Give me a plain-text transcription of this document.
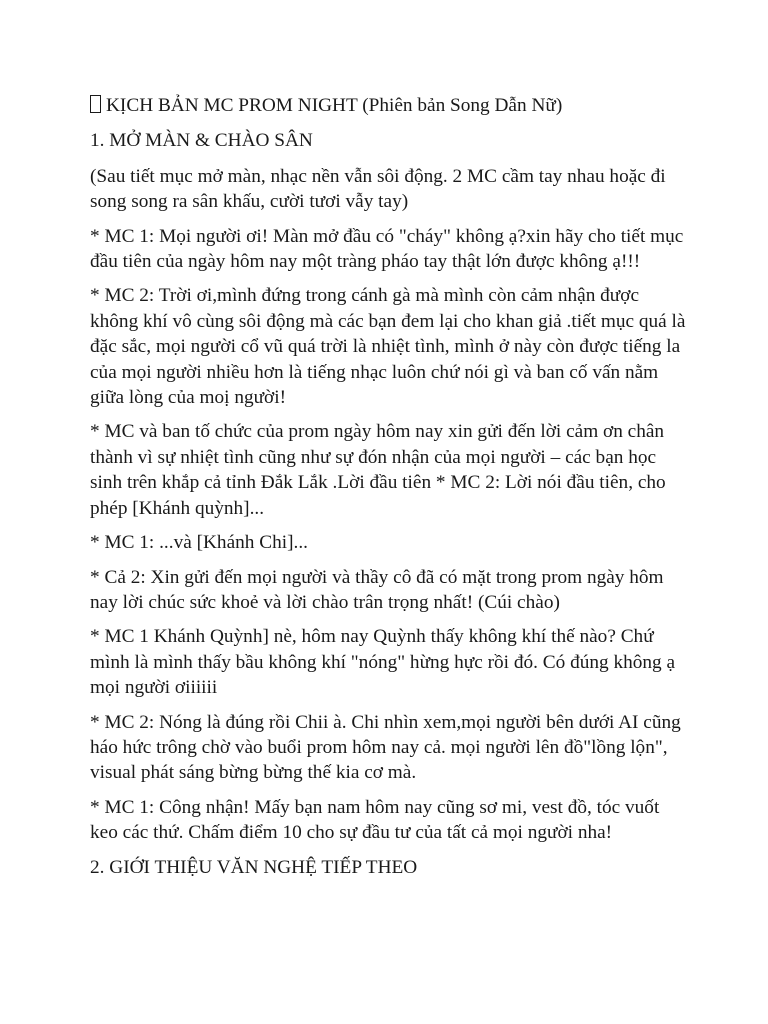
KỊCH BẢN MC PROM NIGHT (Phiên bản Song Dẫn Nữ)

1. MỞ MÀN & CHÀO SÂN

(Sau tiết mục mở màn, nhạc nền vẫn sôi động. 2 MC cầm tay nhau hoặc đi song song ra sân khấu, cười tươi vẫy tay)

* MC 1: Mọi người ơi! Màn mở đầu có "cháy" không ạ?xin hãy cho tiết mục đầu tiên của ngày hôm nay một tràng pháo tay thật lớn được không ạ!!!

* MC 2: Trời ơi,mình đứng trong cánh gà mà mình còn cảm nhận được không khí vô cùng sôi động mà các bạn đem lại cho khan giả .tiết mục quá là đặc sắc, mọi người cổ vũ quá trời là nhiệt tình, mình ở này còn được tiếng la của mọi người nhiều hơn là tiếng nhạc luôn chứ nói gì và ban cố vấn nằm giữa lòng của moị người!

* MC và ban tố chức của prom ngày hôm nay xin gửi đến lời cảm ơn chân thành vì sự nhiệt tình cũng như sự đón nhận của mọi người – các bạn học sinh trên khắp cả tỉnh Đắk Lắk .Lời đầu tiên * MC 2: Lời nói đầu tiên, cho phép [Khánh quỳnh]...

* MC 1: ...và [Khánh Chi]...

* Cả 2: Xin gửi đến mọi người và thầy cô đã có mặt trong prom ngày hôm nay lời chúc sức khoẻ và lời chào trân trọng nhất! (Cúi chào)

* MC 1 Khánh Quỳnh] nè, hôm nay Quỳnh thấy không khí thế nào? Chứ mình là mình thấy bầu không khí "nóng" hừng hực rồi đó. Có đúng không ạ mọi người ơiiiiii

* MC 2: Nóng là đúng rồi Chii à. Chi nhìn xem,mọi người bên dưới AI cũng háo hức trông chờ vào buổi prom hôm nay cả. mọi người lên đồ"lồng lộn", visual phát sáng bừng bừng thế kia cơ mà.

* MC 1: Công nhận! Mấy bạn nam hôm nay cũng sơ mi, vest đồ, tóc vuốt keo các thứ. Chấm điểm 10 cho sự đầu tư của tất cả mọi người nha!

2. GIỚI THIỆU VĂN NGHỆ TIẾP THEO
